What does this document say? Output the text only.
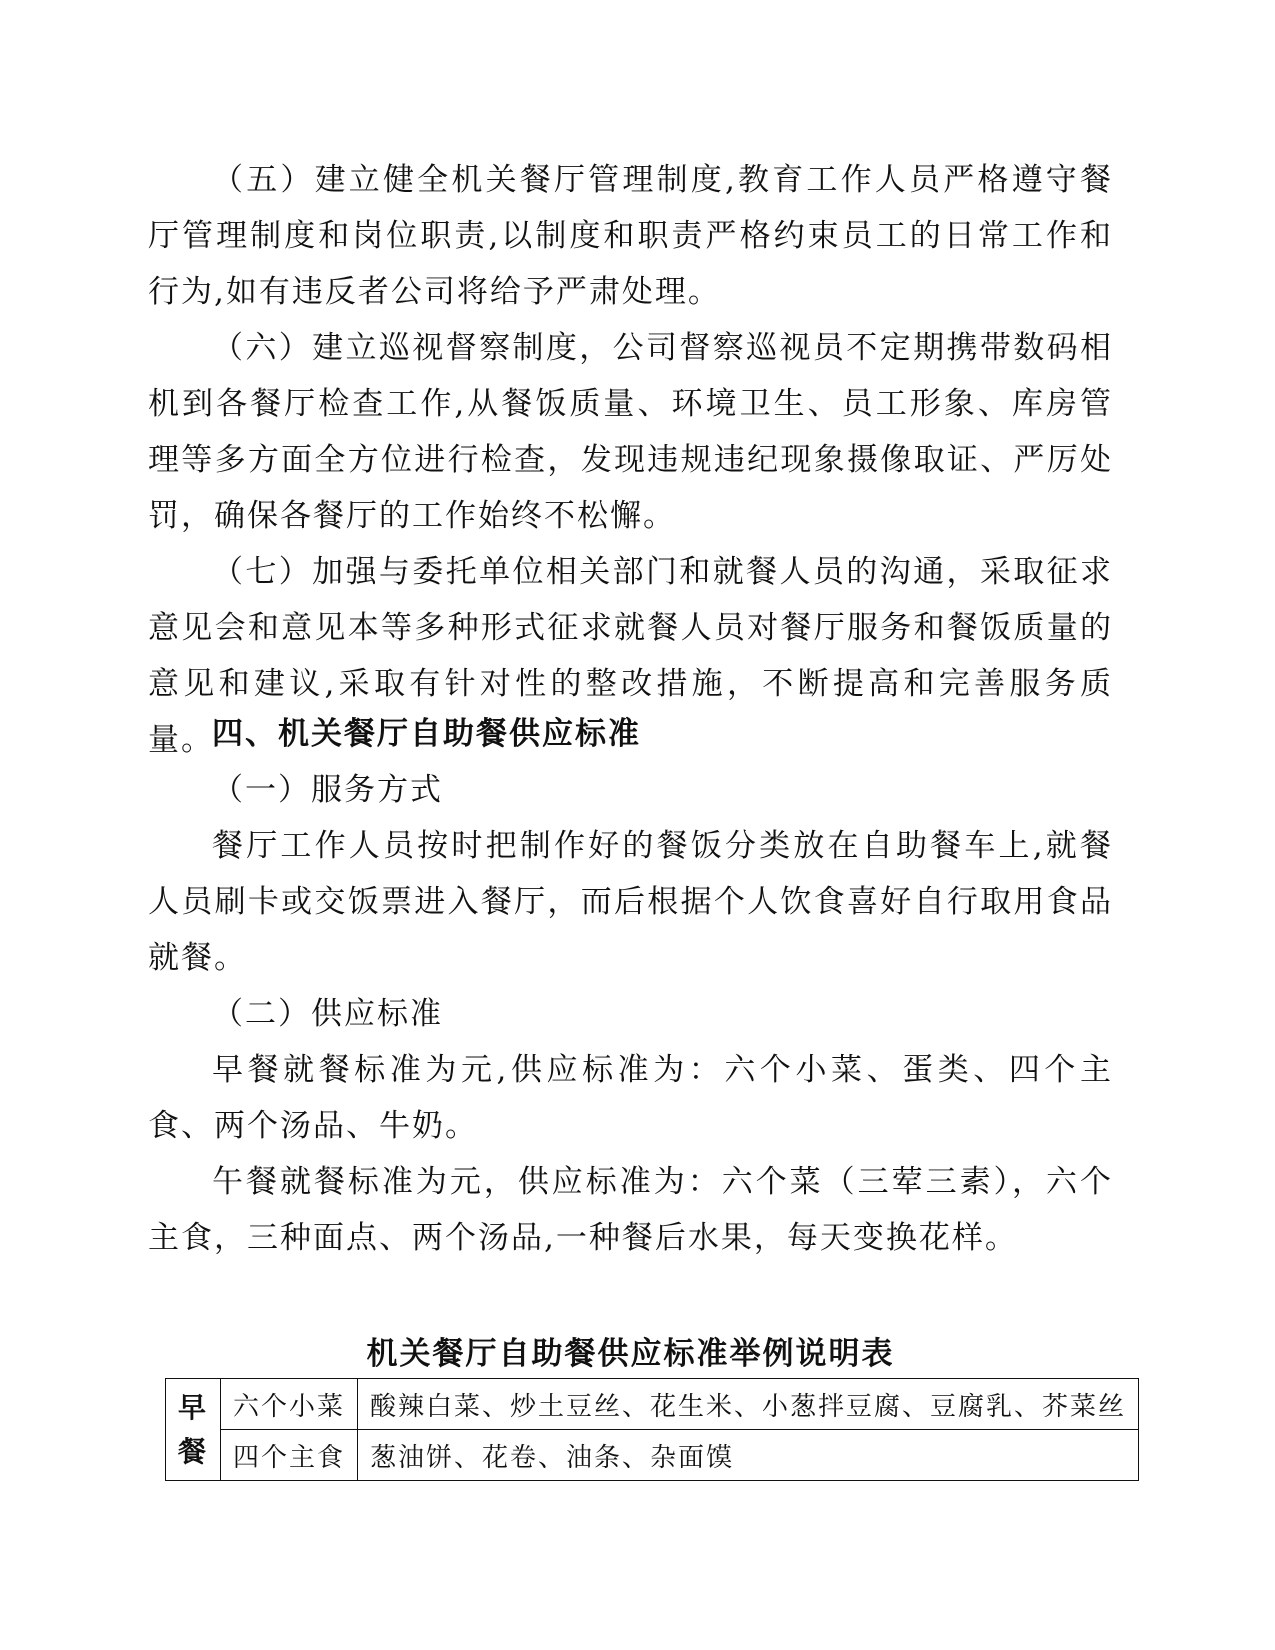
（五）建立健全机关餐厅管理制度,教育工作人员严格遵守餐厅管理制度和岗位职责,以制度和职责严格约束员工的日常工作和行为,如有违反者公司将给予严肃处理。

（六）建立巡视督察制度，公司督察巡视员不定期携带数码相机到各餐厅检查工作,从餐饭质量、环境卫生、员工形象、库房管理等多方面全方位进行检查，发现违规违纪现象摄像取证、严厉处罚，确保各餐厅的工作始终不松懈。

（七）加强与委托单位相关部门和就餐人员的沟通，采取征求意见会和意见本等多种形式征求就餐人员对餐厅服务和餐饭质量的意见和建议,采取有针对性的整改措施，不断提高和完善服务质量。

四、机关餐厅自助餐供应标准
（一）服务方式

餐厅工作人员按时把制作好的餐饭分类放在自助餐车上,就餐人员刷卡或交饭票进入餐厅，而后根据个人饮食喜好自行取用食品就餐。

（二）供应标准

早餐就餐标准为元,供应标准为：六个小菜、蛋类、四个主食、两个汤品、牛奶。

午餐就餐标准为元，供应标准为：六个菜（三荤三素），六个主食，三种面点、两个汤品,一种餐后水果，每天变换花样。

机关餐厅自助餐供应标准举例说明表
早
餐	六个小菜	酸辣白菜、炒土豆丝、花生米、小葱拌豆腐、豆腐乳、芥菜丝
	四个主食	葱油饼、花卷、油条、杂面馍
